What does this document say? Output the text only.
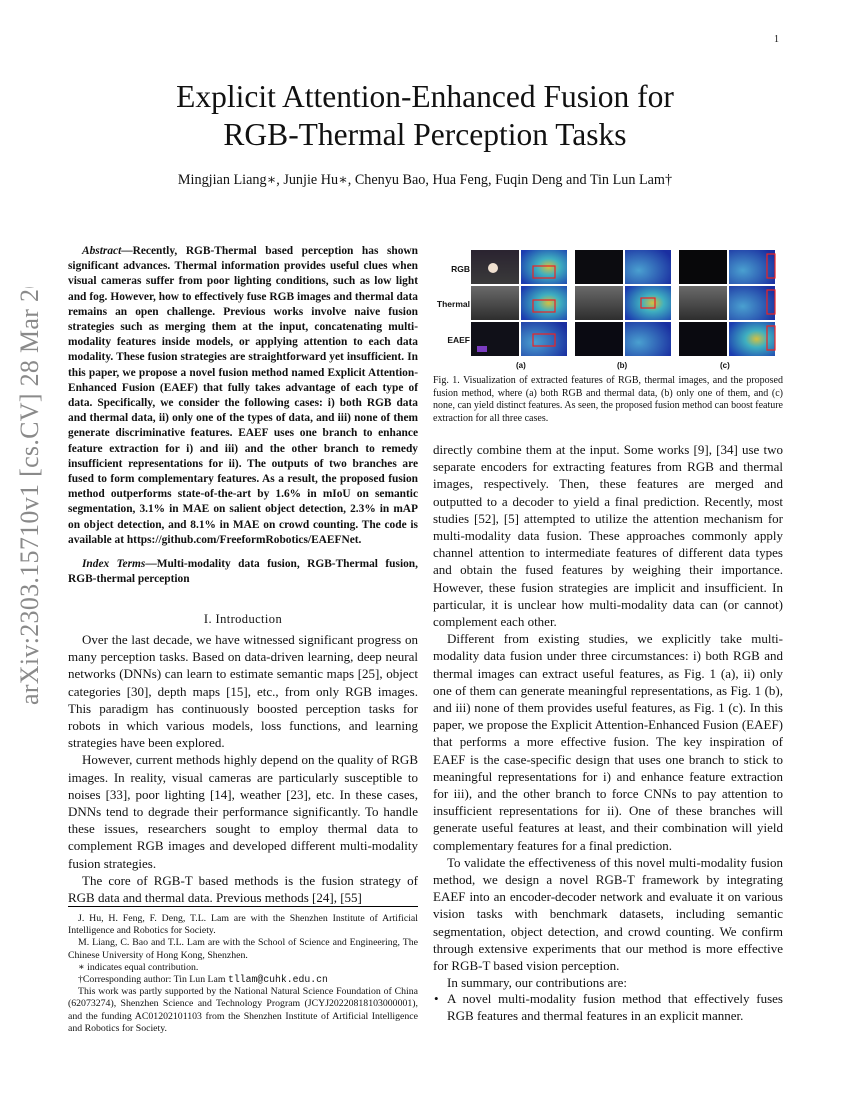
1
arXiv:2303.15710v1 [cs.CV] 28 Mar 2023
Explicit Attention-Enhanced Fusion for
RGB-Thermal Perception Tasks
Mingjian Liang∗, Junjie Hu∗, Chenyu Bao, Hua Feng, Fuqin Deng and Tin Lun Lam†
Abstract—Recently, RGB-Thermal based perception has shown significant advances. Thermal information provides useful clues when visual cameras suffer from poor lighting conditions, such as low light and fog. However, how to effectively fuse RGB images and thermal data remains an open challenge. Previous works involve naive fusion strategies such as merging them at the input, concatenating multi-modality features inside models, or applying attention to each data modality. These fusion strategies are straightforward yet insufficient. In this paper, we propose a novel fusion method named Explicit Attention-Enhanced Fusion (EAEF) that fully takes advantage of each type of data. Specifically, we consider the following cases: i) both RGB data and thermal data, ii) only one of the types of data, and iii) none of them generate discriminative features. EAEF uses one branch to enhance feature extraction for i) and iii) and the other branch to remedy insufficient representations for ii). The outputs of two branches are fused to form complementary features. As a result, the proposed fusion method outperforms state-of-the-art by 1.6% in mIoU on semantic segmentation, 3.1% in MAE on salient object detection, 2.3% in mAP on object detection, and 8.1% in MAE on crowd counting. The code is available at https://github.com/FreeformRobotics/EAEFNet.
Index Terms—Multi-modality data fusion, RGB-Thermal fusion, RGB-thermal perception
I. Introduction

Over the last decade, we have witnessed significant progress on many perception tasks. Based on data-driven learning, deep neural networks (DNNs) can learn to estimate semantic maps [25], object categories [30], depth maps [15], etc., from only RGB images. This paradigm has continuously boosted perception tasks for robots in which various models, loss functions, and learning strategies have been explored.

However, current methods highly depend on the quality of RGB images. In reality, visual cameras are particularly susceptible to noises [33], poor lighting [14], weather [23], etc. In these cases, DNNs tend to degrade their performance significantly. To handle these issues, researchers sought to employ thermal data to complement RGB images and developed different multi-modality fusion strategies.

The core of RGB-T based methods is the fusion strategy of RGB data and thermal data. Previous methods [24], [55]

RGB
Thermal
EAEF
(a)	(b)	(c)
Fig. 1. Visualization of extracted features of RGB, thermal images, and the proposed fusion method, where (a) both RGB and thermal data, (b) only one of them, and (c) none, can yield distinct features. As seen, the proposed fusion method can boost feature extraction for all three cases.

directly combine them at the input. Some works [9], [34] use two separate encoders for extracting features from RGB and thermal images, respectively. Then, these features are merged and outputted to a decoder to yield a final prediction. Recently, most studies [52], [5] attempted to utilize the attention mechanism for multi-modality data fusion. These approaches commonly apply channel attention to intermediate features of different data types and obtain the fused features by weighing their importance. However, these fusion strategies are implicit and insufficient. In particular, it is unclear how multi-modality data can (or cannot) complement each other.

Different from existing studies, we explicitly take multi-modality data fusion under three circumstances: i) both RGB and thermal images can extract useful features, as Fig. 1 (a), ii) only one of them can generate meaningful representations, as Fig. 1 (b), and iii) none of them provides useful features, as Fig. 1 (c). In this paper, we propose the Explicit Attention-Enhanced Fusion (EAEF) that performs a more effective fusion. The key inspiration of EAEF is the case-specific design that uses one branch to stick to meaningful representations for i) and enhance feature extraction for iii), and the other branch to force CNNs to pay attention to insufficient representations for ii). One of these branches will generate useful features at least, and their combination will yield complementary features for a final prediction.

To validate the effectiveness of this novel multi-modality fusion method, we design a novel RGB-T framework by integrating EAEF into an encoder-decoder network and evaluate it on various vision tasks with benchmark datasets, including semantic segmentation, object detection, and crowd counting. We confirm through extensive experiments that our method is more effective for RGB-T based vision perception.

In summary, our contributions are:

• A novel multi-modality fusion method that effectively fuses RGB features and thermal features in an explicit manner.

J. Hu, H. Feng, F. Deng, T.L. Lam are with the Shenzhen Institute of Artificial Intelligence and Robotics for Society.

M. Liang, C. Bao and T.L. Lam are with the School of Science and Engineering, The Chinese University of Hong Kong, Shenzhen.

∗ indicates equal contribution.

†Corresponding author: Tin Lun Lam tllam@cuhk.edu.cn

This work was partly supported by the National Natural Science Foundation of China (62073274), Shenzhen Science and Technology Program (JCYJ20220818103000001), and the funding AC01202101103 from the Shenzhen Institute of Artificial Intelligence and Robotics for Society.
